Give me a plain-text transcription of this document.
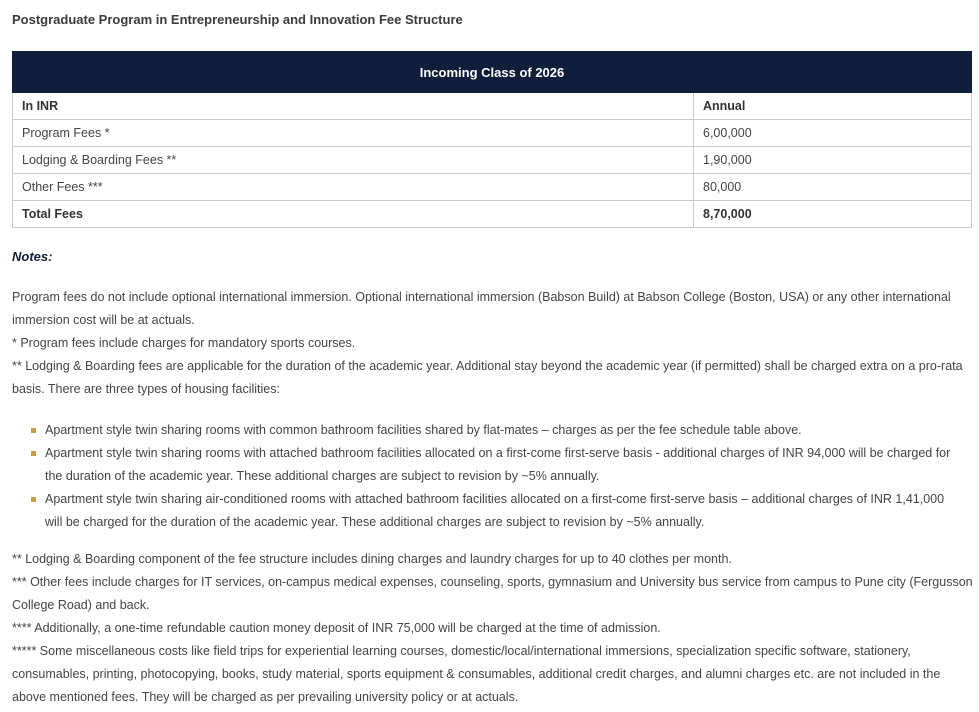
Postgraduate Program in Entrepreneurship and Innovation Fee Structure
Incoming Class of 2026	
In INR	Annual
Program Fees *	6,00,000
Lodging & Boarding Fees **	1,90,000
Other Fees ***	80,000
Total Fees	8,70,000
Notes:

Program fees do not include optional international immersion. Optional international immersion (Babson Build) at Babson College (Boston, USA) or any other international immersion cost will be at actuals.

* Program fees include charges for mandatory sports courses.

** Lodging & Boarding fees are applicable for the duration of the academic year. Additional stay beyond the academic year (if permitted) shall be charged extra on a pro-rata basis. There are three types of housing facilities:

Apartment style twin sharing rooms with common bathroom facilities shared by flat-mates – charges as per the fee schedule table above.
Apartment style twin sharing rooms with attached bathroom facilities allocated on a first-come first-serve basis - additional charges of INR 94,000 will be charged for the duration of the academic year. These additional charges are subject to revision by ~5% annually.
Apartment style twin sharing air-conditioned rooms with attached bathroom facilities allocated on a first-come first-serve basis – additional charges of INR 1,41,000 will be charged for the duration of the academic year. These additional charges are subject to revision by ~5% annually.

** Lodging & Boarding component of the fee structure includes dining charges and laundry charges for up to 40 clothes per month.

*** Other fees include charges for IT services, on-campus medical expenses, counseling, sports, gymnasium and University bus service from campus to Pune city (Fergusson College Road) and back.

**** Additionally, a one-time refundable caution money deposit of INR 75,000 will be charged at the time of admission.

***** Some miscellaneous costs like field trips for experiential learning courses, domestic/local/international immersions, specialization specific software, stationery, consumables, printing, photocopying, books, study material, sports equipment & consumables, additional credit charges, and alumni charges etc. are not included in the above mentioned fees. They will be charged as per prevailing university policy or at actuals.
